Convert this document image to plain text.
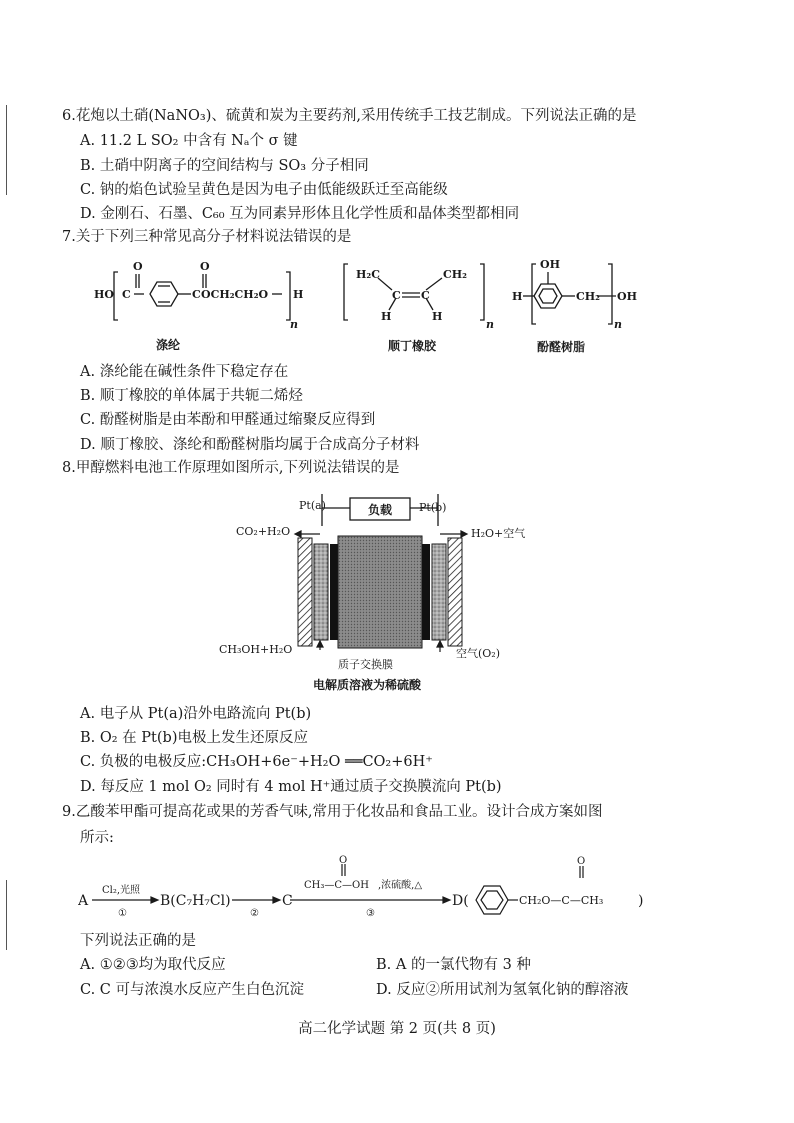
6.花炮以土硝(NaNO₃)、硫黄和炭为主要药剂,采用传统手工技艺制成。下列说法正确的是
A. 11.2 L SO₂ 中含有 Nₐ个 σ 键
B. 土硝中阴离子的空间结构与 SO₃ 分子相同
C. 钠的焰色试验呈黄色是因为电子由低能级跃迁至高能级
D. 金刚石、石墨、C₆₀ 互为同素异形体且化学性质和晶体类型都相同
7.关于下列三种常见高分子材料说法错误的是
HO
O
C
O
C OCH₂CH₂O H
n
H₂C	CH₂
C C
H	H
n
OH
H	CH₂ OH
n
涤纶	顺丁橡胶	酚醛树脂
A. 涤纶能在碱性条件下稳定存在
B. 顺丁橡胶的单体属于共轭二烯烃
C. 酚醛树脂是由苯酚和甲醛通过缩聚反应得到
D. 顺丁橡胶、涤纶和酚醛树脂均属于合成高分子材料
8.甲醇燃料电池工作原理如图所示,下列说法错误的是
负载
Pt(a)	Pt(b)
CO₂+H₂O	H₂O+空气
CH₃OH+H₂O
质子交换膜
空气(O₂)
电解质溶液为稀硫酸
A. 电子从 Pt(a)沿外电路流向 Pt(b)
B. O₂ 在 Pt(b)电极上发生还原反应
C. 负极的电极反应:CH₃OH+6e⁻+H₂O ══CO₂+6H⁺
D. 每反应 1 mol O₂ 同时有 4 mol H⁺通过质子交换膜流向 Pt(b)
9.乙酸苯甲酯可提高花或果的芳香气味,常用于化妆品和食品工业。设计合成方案如图
所示:
A
Cl₂,光照
①
B(C₇H₇Cl)
②
C
O
CH₃—C—OH ,浓硫酸,△
③
D(	CH₂O—C—CH₃
O
)
下列说法正确的是
A. ①②③均为取代反应	B. A 的一氯代物有 3 种
C. C 可与浓溴水反应产生白色沉淀	D. 反应②所用试剂为氢氧化钠的醇溶液
高二化学试题 第 2 页(共 8 页)
